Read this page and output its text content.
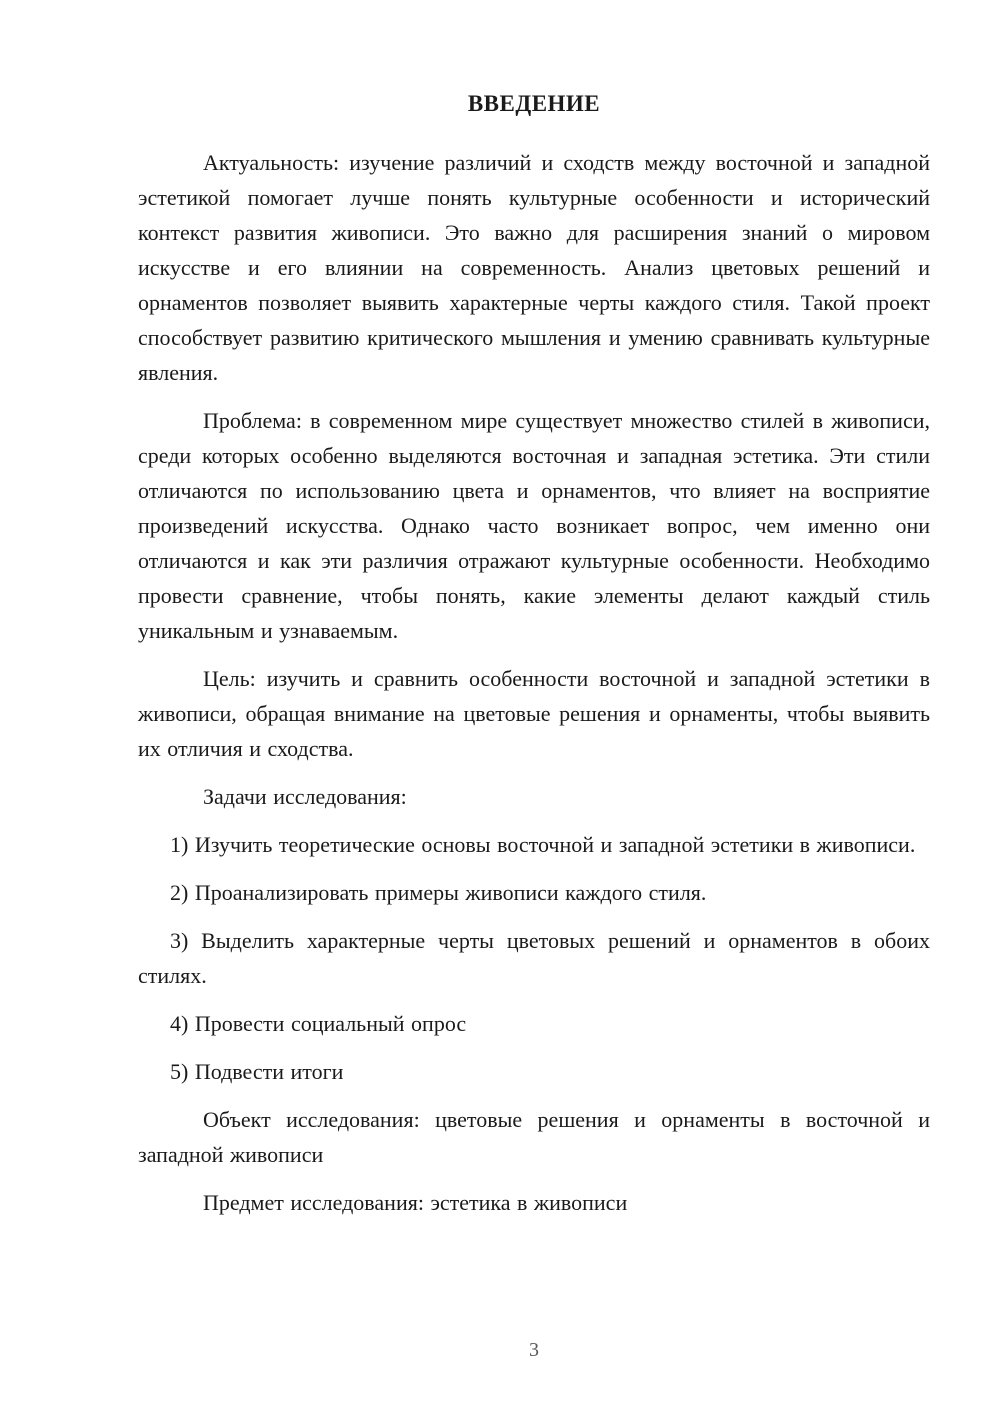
ВВЕДЕНИЕ

Актуальность: изучение различий и сходств между восточной и западной эстетикой помогает лучше понять культурные особенности и исторический контекст развития живописи. Это важно для расширения знаний о мировом искусстве и его влиянии на современность. Анализ цветовых решений и орнаментов позволяет выявить характерные черты каждого стиля. Такой проект способствует развитию критического мышления и умению сравнивать культурные явления.

Проблема: в современном мире существует множество стилей в живописи, среди которых особенно выделяются восточная и западная эстетика. Эти стили отличаются по использованию цвета и орнаментов, что влияет на восприятие произведений искусства. Однако часто возникает вопрос, чем именно они отличаются и как эти различия отражают культурные особенности. Необходимо провести сравнение, чтобы понять, какие элементы делают каждый стиль уникальным и узнаваемым.

Цель: изучить и сравнить особенности восточной и западной эстетики в живописи, обращая внимание на цветовые решения и орнаменты, чтобы выявить их отличия и сходства.

Задачи исследования:

1) Изучить теоретические основы восточной и западной эстетики в живописи.

2) Проанализировать примеры живописи каждого стиля.

3) Выделить характерные черты цветовых решений и орнаментов в обоих стилях.

4) Провести социальный опрос

5) Подвести итоги

Объект исследования: цветовые решения и орнаменты в восточной и западной живописи

Предмет исследования: эстетика в живописи

3
